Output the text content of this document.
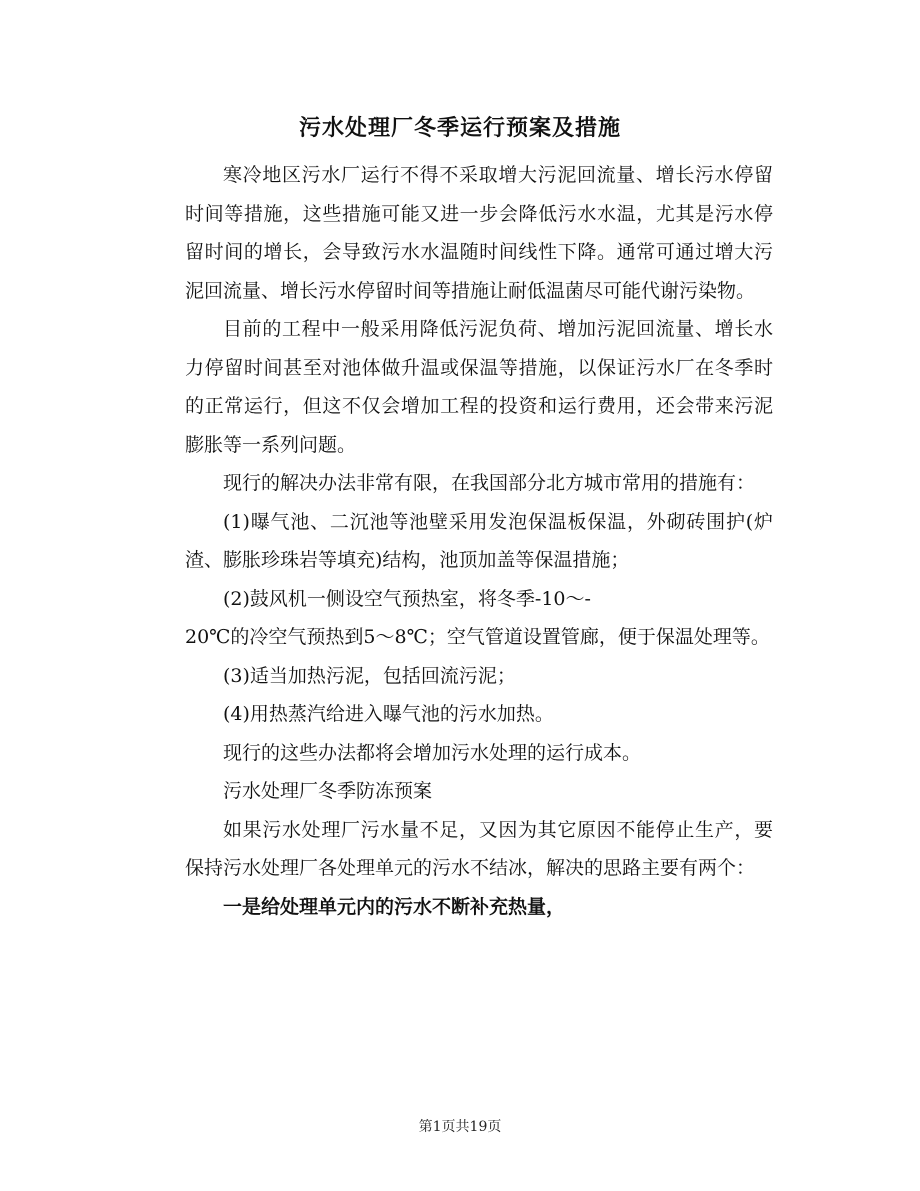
污水处理厂冬季运行预案及措施

寒冷地区污水厂运行不得不采取增大污泥回流量、增长污水停留时间等措施，这些措施可能又进一步会降低污水水温，尤其是污水停留时间的增长，会导致污水水温随时间线性下降。通常可通过增大污泥回流量、增长污水停留时间等措施让耐低温菌尽可能代谢污染物。

目前的工程中一般采用降低污泥负荷、增加污泥回流量、增长水力停留时间甚至对池体做升温或保温等措施，以保证污水厂在冬季时的正常运行，但这不仅会增加工程的投资和运行费用，还会带来污泥膨胀等一系列问题。

现行的解决办法非常有限，在我国部分北方城市常用的措施有：

(1)曝气池、二沉池等池壁采用发泡保温板保温，外砌砖围护(炉渣、膨胀珍珠岩等填充)结构，池顶加盖等保温措施；

(2)鼓风机一侧设空气预热室，将冬季-10～-

20℃的冷空气预热到5～8℃；空气管道设置管廊，便于保温处理等。

(3)适当加热污泥，包括回流污泥；

(4)用热蒸汽给进入曝气池的污水加热。

现行的这些办法都将会增加污水处理的运行成本。

污水处理厂冬季防冻预案

如果污水处理厂污水量不足，又因为其它原因不能停止生产，要保持污水处理厂各处理单元的污水不结冰，解决的思路主要有两个：

一是给处理单元内的污水不断补充热量，

第1页共19页
